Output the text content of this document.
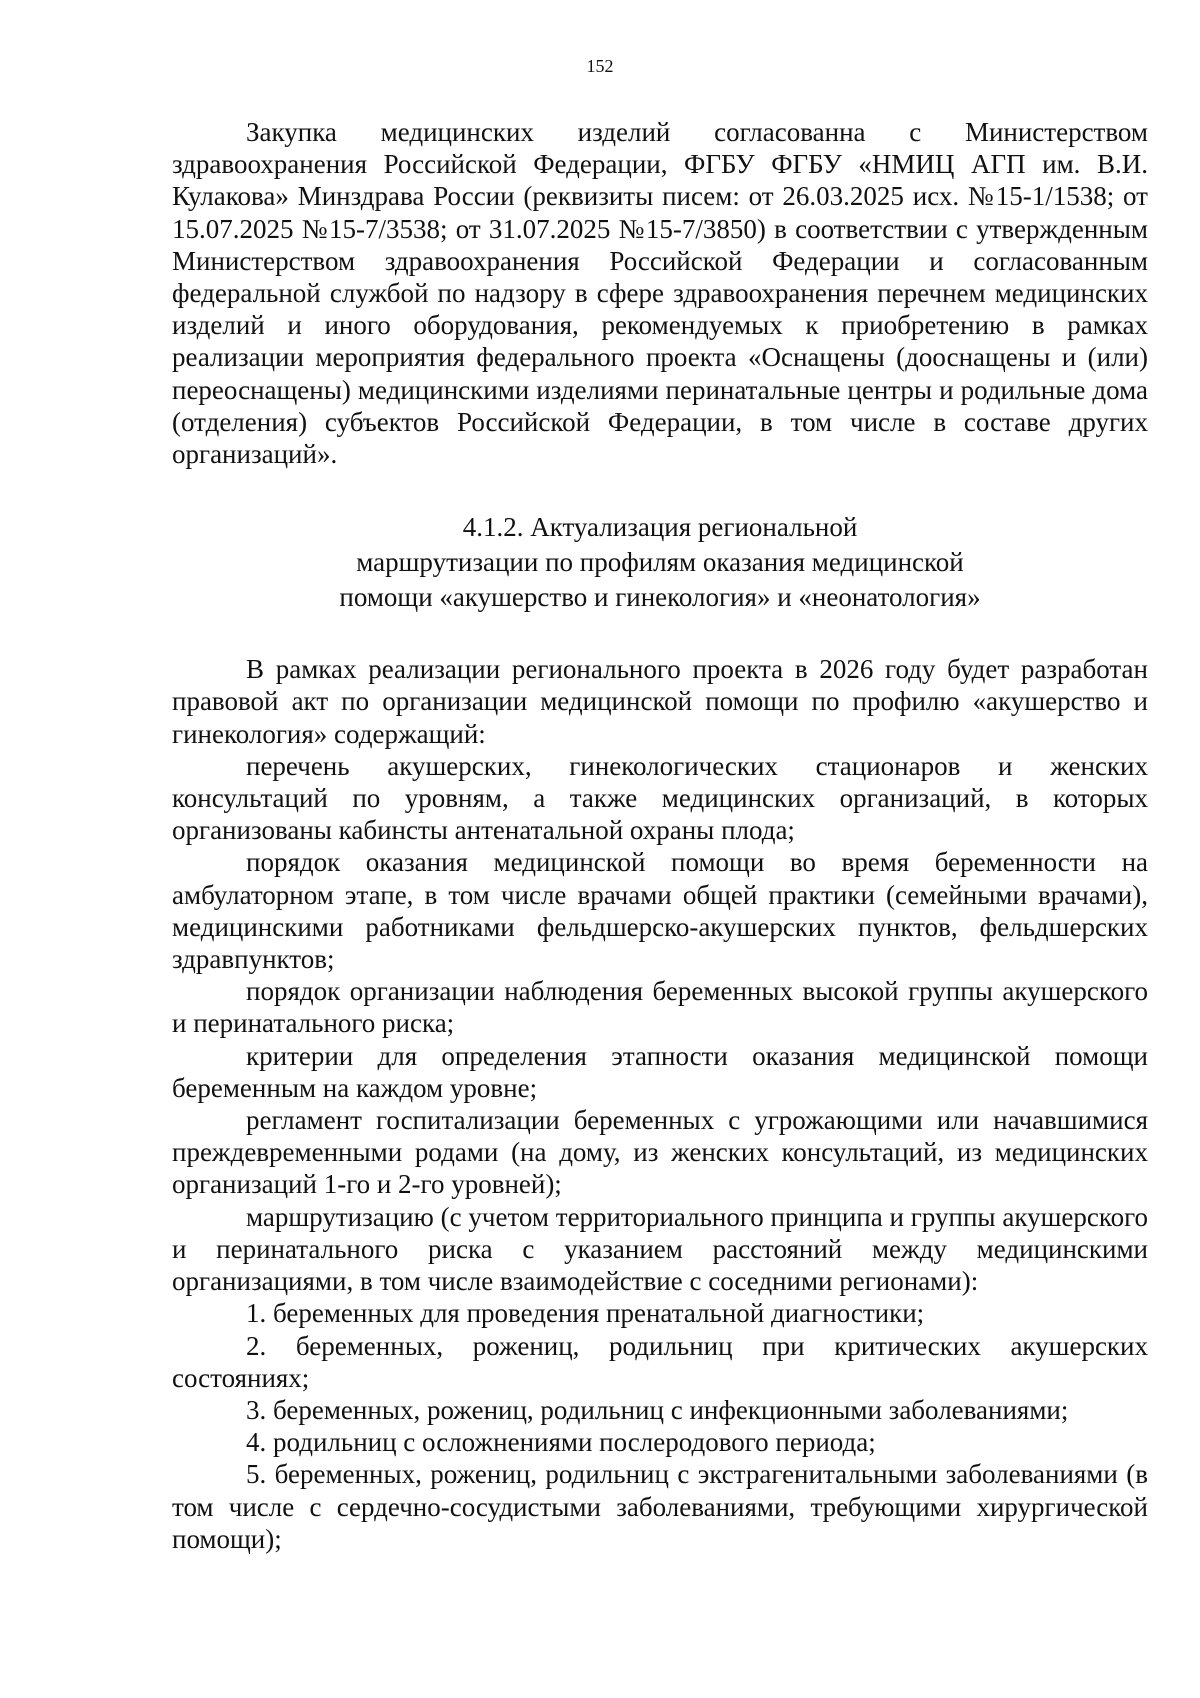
152

Закупка медицинских изделий согласованна с Министерством здравоохранения Российской Федерации, ФГБУ ФГБУ «НМИЦ АГП им. В.И. Кулакова» Минздрава России (реквизиты писем: от 26.03.2025 исх. №15-1/1538; от 15.07.2025 №15-7/3538; от 31.07.2025 №15-7/3850) в соответствии с утвержденным Министерством здравоохранения Российской Федерации и согласованным федеральной службой по надзору в сфере здравоохранения перечнем медицинских изделий и иного оборудования, рекомендуемых к приобретению в рамках реализации мероприятия федерального проекта «Оснащены (дооснащены и (или) переоснащены) медицинскими изделиями перинатальные центры и родильные дома (отделения) субъектов Российской Федерации, в том числе в составе других организаций».

4.1.2. Актуализация региональной
маршрутизации по профилям оказания медицинской
помощи «акушерство и гинекология» и «неонатология»

В рамках реализации регионального проекта в 2026 году будет разработан правовой акт по организации медицинской помощи по профилю «акушерство и гинекология» содержащий:

перечень акушерских, гинекологических стационаров и женских консультаций по уровням, а также медицинских организаций, в которых организованы кабинсты антенатальной охраны плода;

порядок оказания медицинской помощи во время беременности на амбулаторном этапе, в том числе врачами общей практики (семейными врачами), медицинскими работниками фельдшерско-акушерских пунктов, фельдшерских здравпунктов;

порядок организации наблюдения беременных высокой группы акушерского и перинатального риска;

критерии для определения этапности оказания медицинской помощи беременным на каждом уровне;

регламент госпитализации беременных с угрожающими или начавшимися преждевременными родами (на дому, из женских консультаций, из медицинских организаций 1-го и 2-го уровней);

маршрутизацию (с учетом территориального принципа и группы акушерского и перинатального риска с указанием расстояний между медицинскими организациями, в том числе взаимодействие с соседними регионами):

1. беременных для проведения пренатальной диагностики;

2. беременных, рожениц, родильниц при критических акушерских состояниях;

3. беременных, рожениц, родильниц с инфекционными заболеваниями;

4. родильниц с осложнениями послеродового периода;

5. беременных, рожениц, родильниц с экстрагенитальными заболеваниями (в том числе с сердечно-сосудистыми заболеваниями, требующими хирургической помощи);
